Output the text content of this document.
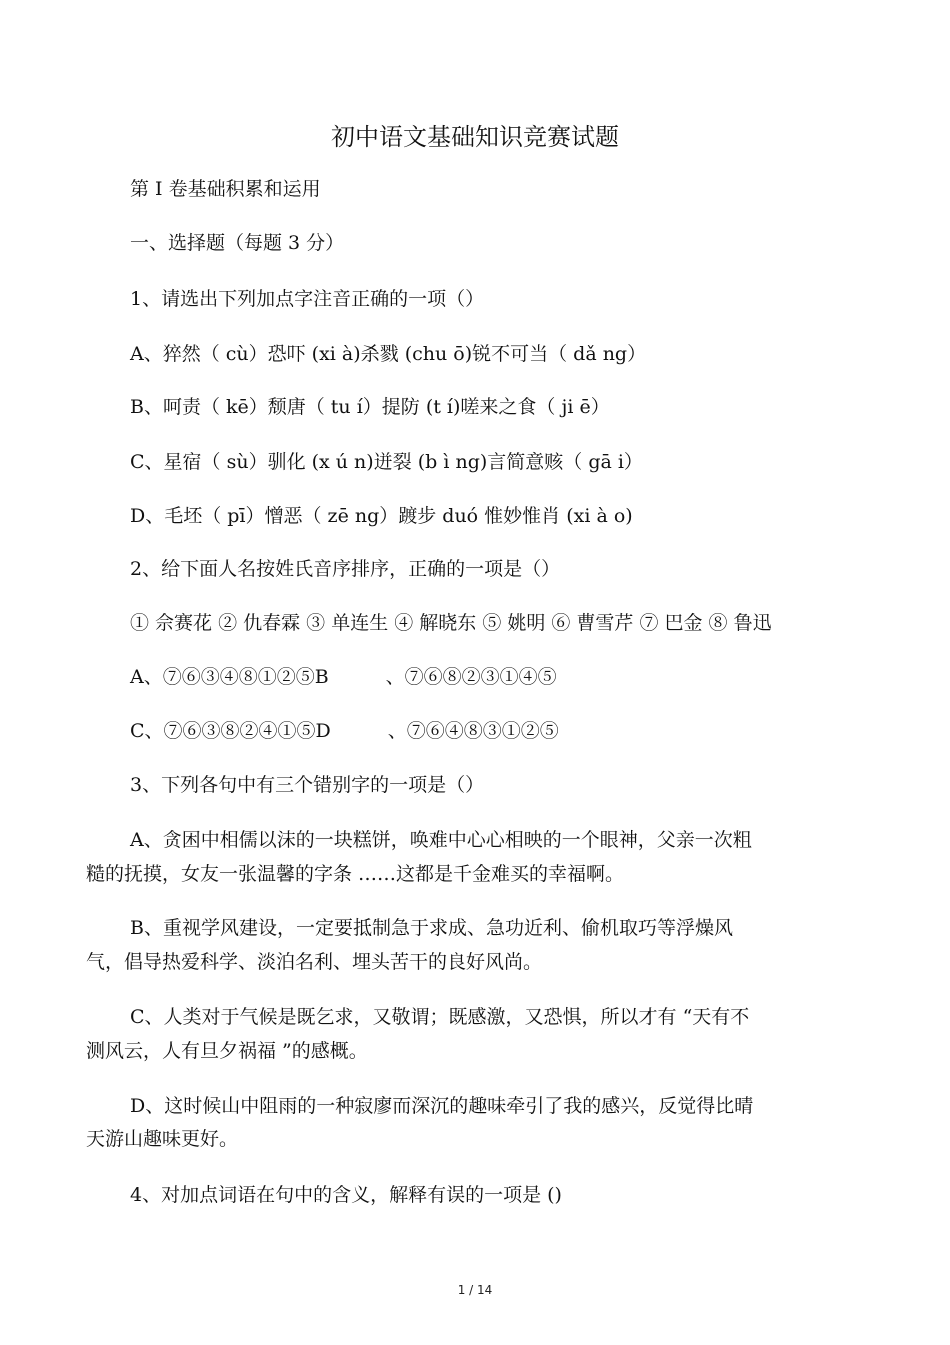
初中语文基础知识竞赛试题
第 Ⅰ 卷基础积累和运用
一、选择题（每题 3 分）
1、请选出下列加点字注音正确的一项（）
A、猝然（ cù）恐吓 (xi à)杀戮 (chu ō)锐不可当（ dǎ ng）
B、呵责（ kē）颓唐（ tu í）提防 (t í)嗟来之食（ ji ē）
C、星宿（ sù）驯化 (x ú n)迸裂 (b ì ng)言简意赅（ gā i）
D、毛坯（ pī）憎恶（ zē ng）踱步 duó 惟妙惟肖 (xi à o)
2、给下面人名按姓氏音序排序，正确的一项是（）
① 佘赛花 ② 仇春霖 ③ 单连生 ④ 解晓东 ⑤ 姚明 ⑥ 曹雪芹 ⑦ 巴金 ⑧ 鲁迅
A、⑦⑥③④⑧①②⑤B　　　、⑦⑥⑧②③①④⑤
C、⑦⑥③⑧②④①⑤D　　　、⑦⑥④⑧③①②⑤
3、下列各句中有三个错别字的一项是（）
A、贪困中相儒以沫的一块糕饼，唤难中心心相映的一个眼神，父亲一次粗
糙的抚摸，女友一张温馨的字条 ……这都是千金难买的幸福啊。
B、重视学风建设，一定要抵制急于求成、急功近利、偷机取巧等浮燥风
气，倡导热爱科学、淡泊名利、埋头苦干的良好风尚。
C、人类对于气候是既乞求，又敬谓；既感激，又恐惧，所以才有 “天有不
测风云，人有旦夕祸福 ”的感概。
D、这时候山中阻雨的一种寂廖而深沉的趣味牵引了我的感兴，反觉得比晴
天游山趣味更好。
4、对加点词语在句中的含义，解释有误的一项是 ()
1 / 14
